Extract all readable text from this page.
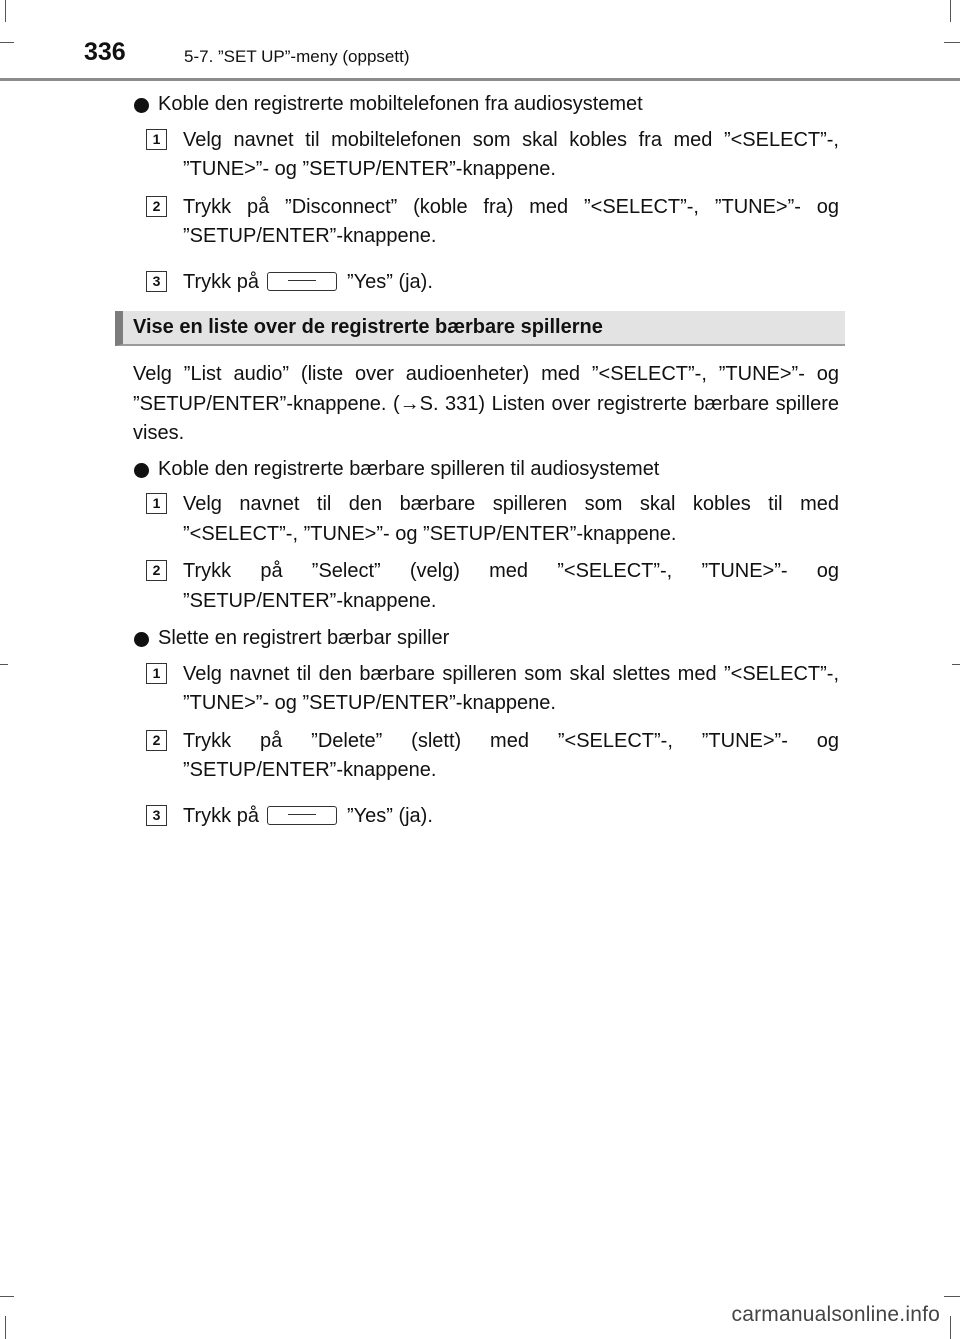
336	5-7. ”SET UP”-meny (oppsett)
Koble den registrerte mobiltelefonen fra audiosystemet
1	Velg navnet til mobiltelefonen som skal kobles fra med ”<SELECT”-, ”TUNE>”- og ”SETUP/ENTER”-knappene.
2	Trykk på ”Disconnect” (koble fra) med ”<SELECT”-, ”TUNE>”- og ”SETUP/ENTER”-knappene.
3	Trykk på	”Yes” (ja).
Vise en liste over de registrerte bærbare spillerne
Velg ”List audio” (liste over audioenheter) med ”<SELECT”-, ”TUNE>”- og ”SETUP/ENTER”-knappene. (→S. 331) Listen over registrerte bærbare spillere vises.
Koble den registrerte bærbare spilleren til audiosystemet
1	Velg navnet til den bærbare spilleren som skal kobles til med ”<SELECT”-, ”TUNE>”- og ”SETUP/ENTER”-knappene.
2	Trykk på ”Select” (velg) med ”<SELECT”-, ”TUNE>”- og ”SETUP/ENTER”-knappene.
Slette en registrert bærbar spiller
1	Velg navnet til den bærbare spilleren som skal slettes med ”<SELECT”-, ”TUNE>”- og ”SETUP/ENTER”-knappene.
2	Trykk på ”Delete” (slett) med ”<SELECT”-, ”TUNE>”- og ”SETUP/ENTER”-knappene.
3	Trykk på	”Yes” (ja).
carmanualsonline.info
